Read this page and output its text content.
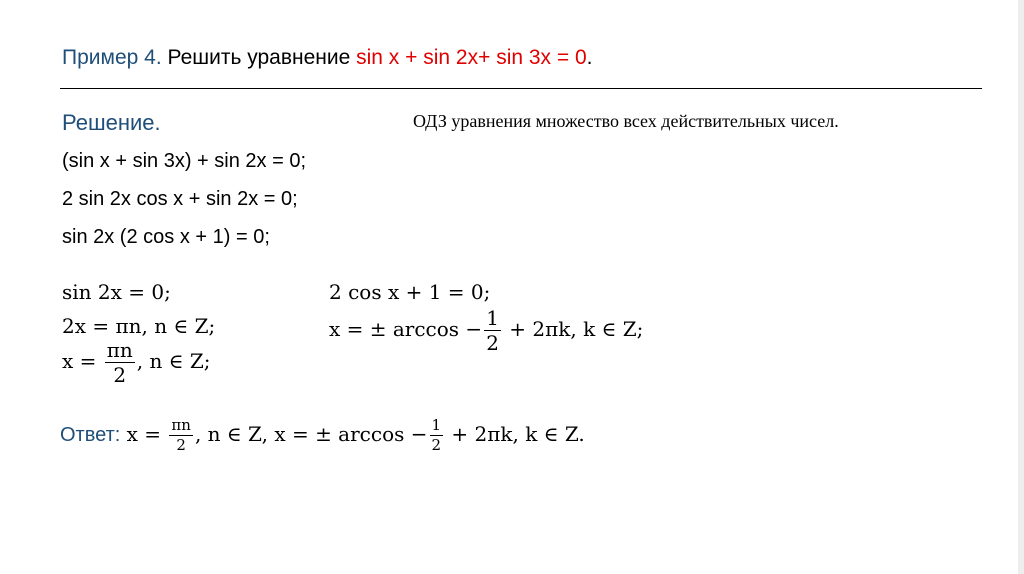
Пример 4. Решить уравнение sin x + sin 2x+ sin 3x = 0.
Решение.	ОДЗ уравнения множество всех действительных чисел.
(sin x + sin 3x) + sin 2x = 0;
2 sin 2x cos x + sin 2x = 0;
sin 2x (2 cos x + 1) = 0;
sin 2x = 0;
2x = πn, n ∈ Z;
$x = \frac{\pi n}{2}$ , n ∈ Z;
2 cos x + 1 = 0;
x = ± $\arccos - \frac{1}{2} + 2\pi k$, k ∈ Z;
Ответ: $x = \frac{\pi n}{2}$ , n ∈ Z, x = ± $\arccos - \frac{1}{2} + 2\pi k$, k ∈ Z.
